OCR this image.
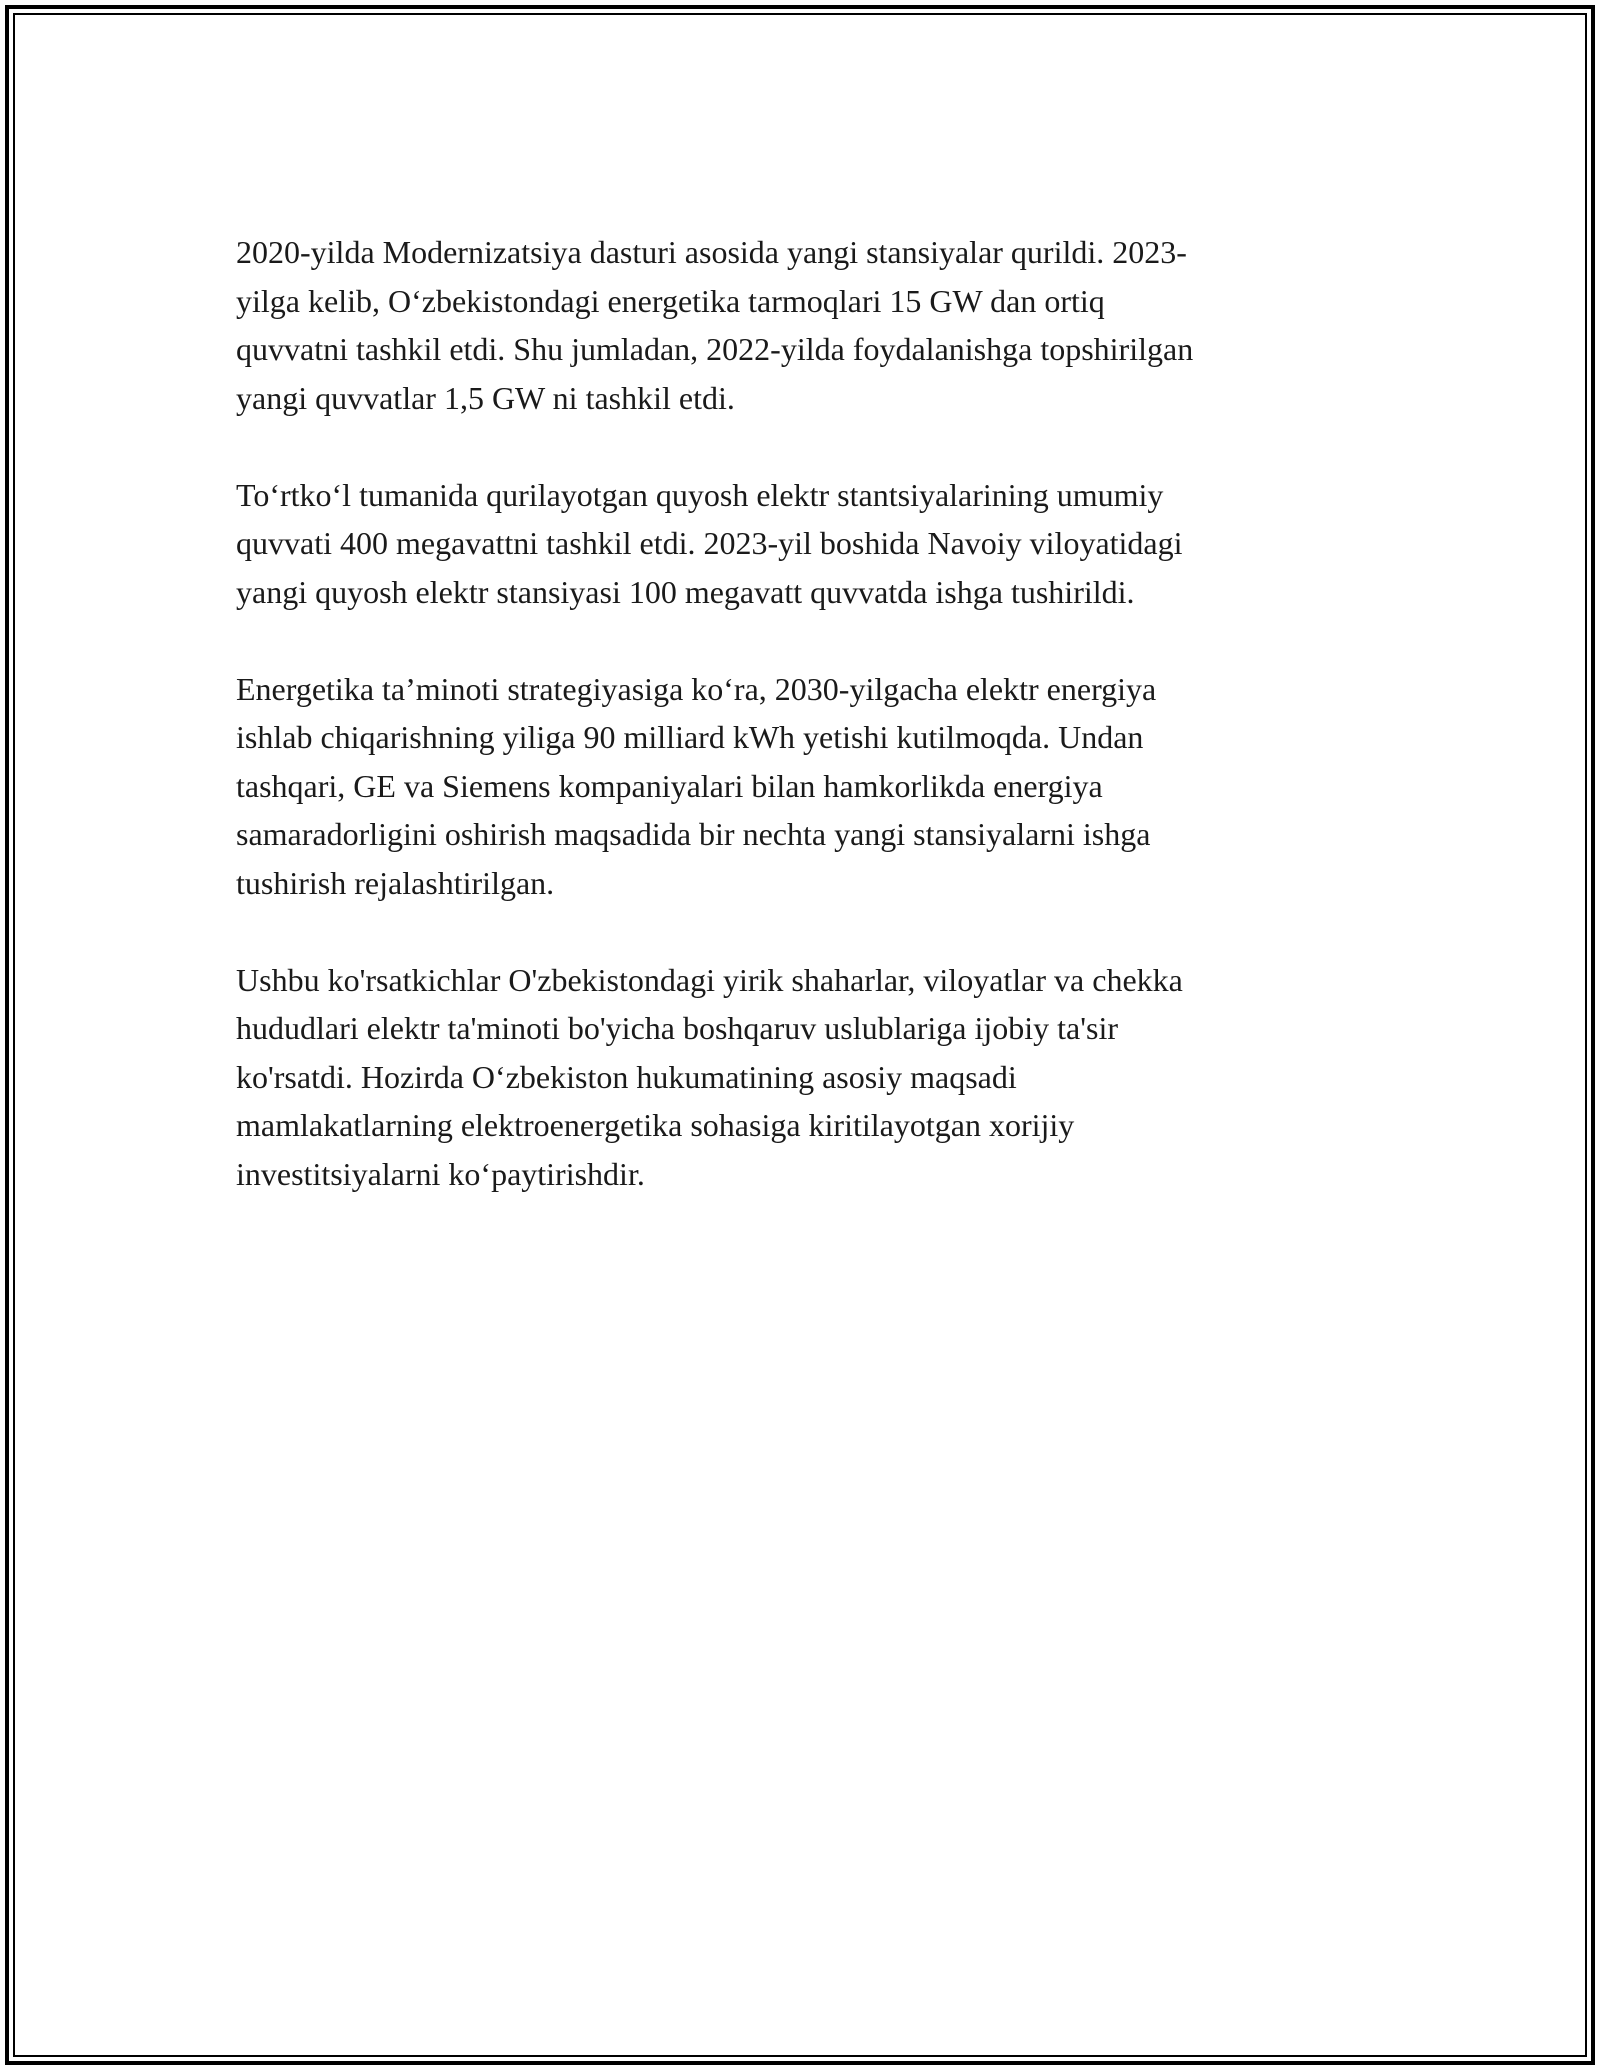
2020-yilda Modernizatsiya dasturi asosida yangi stansiyalar qurildi. 2023-
yilga kelib, O‘zbekistondagi energetika tarmoqlari 15 GW dan ortiq
quvvatni tashkil etdi. Shu jumladan, 2022-yilda foydalanishga topshirilgan
yangi quvvatlar 1,5 GW ni tashkil etdi.

To‘rtko‘l tumanida qurilayotgan quyosh elektr stantsiyalarining umumiy
quvvati 400 megavattni tashkil etdi. 2023-yil boshida Navoiy viloyatidagi
yangi quyosh elektr stansiyasi 100 megavatt quvvatda ishga tushirildi.

Energetika ta’minoti strategiyasiga ko‘ra, 2030-yilgacha elektr energiya
ishlab chiqarishning yiliga 90 milliard kWh yetishi kutilmoqda. Undan
tashqari, GE va Siemens kompaniyalari bilan hamkorlikda energiya
samaradorligini oshirish maqsadida bir nechta yangi stansiyalarni ishga
tushirish rejalashtirilgan.

Ushbu ko'rsatkichlar O'zbekistondagi yirik shaharlar, viloyatlar va chekka
hududlari elektr ta'minoti bo'yicha boshqaruv uslublariga ijobiy ta'sir
ko'rsatdi. Hozirda O‘zbekiston hukumatining asosiy maqsadi
mamlakatlarning elektroenergetika sohasiga kiritilayotgan xorijiy
investitsiyalarni ko‘paytirishdir.
